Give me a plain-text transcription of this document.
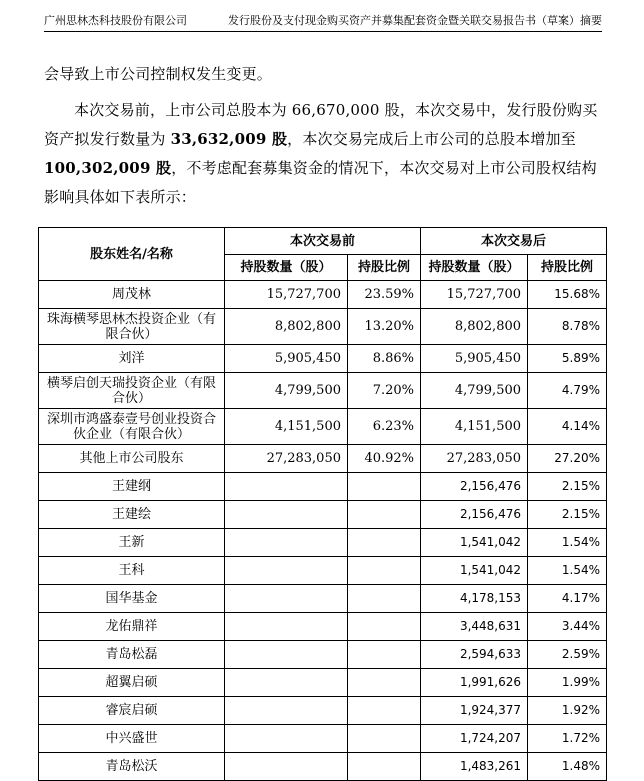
广州思林杰科技股份有限公司	发行股份及支付现金购买资产并募集配套资金暨关联交易报告书（草案）摘要
会导致上市公司控制权发生变更。
本次交易前，上市公司总股本为 66,670,000 股，本次交易中，发行股份购买资产拟发行数量为 33,632,009 股，本次交易完成后上市公司的总股本增加至 100,302,009 股，不考虑配套募集资金的情况下，本次交易对上市公司股权结构影响具体如下表所示：
股东姓名/名称	本次交易前		本次交易后	
	持股数量（股）	持股比例	持股数量（股）	持股比例
周茂林	15,727,700	23.59%	15,727,700	15.68%
珠海横琴思林杰投资企业（有限合伙）	8,802,800	13.20%	8,802,800	8.78%
刘洋	5,905,450	8.86%	5,905,450	5.89%
横琴启创天瑞投资企业（有限合伙）	4,799,500	7.20%	4,799,500	4.79%
深圳市鸿盛泰壹号创业投资合伙企业（有限合伙）	4,151,500	6.23%	4,151,500	4.14%
其他上市公司股东	27,283,050	40.92%	27,283,050	27.20%
王建纲			2,156,476	2.15%
王建绘			2,156,476	2.15%
王新			1,541,042	1.54%
王科			1,541,042	1.54%
国华基金			4,178,153	4.17%
龙佑鼎祥			3,448,631	3.44%
青岛松磊			2,594,633	2.59%
超翼启硕			1,991,626	1.99%
睿宸启硕			1,924,377	1.92%
中兴盛世			1,724,207	1.72%
青岛松沃			1,483,261	1.48%
